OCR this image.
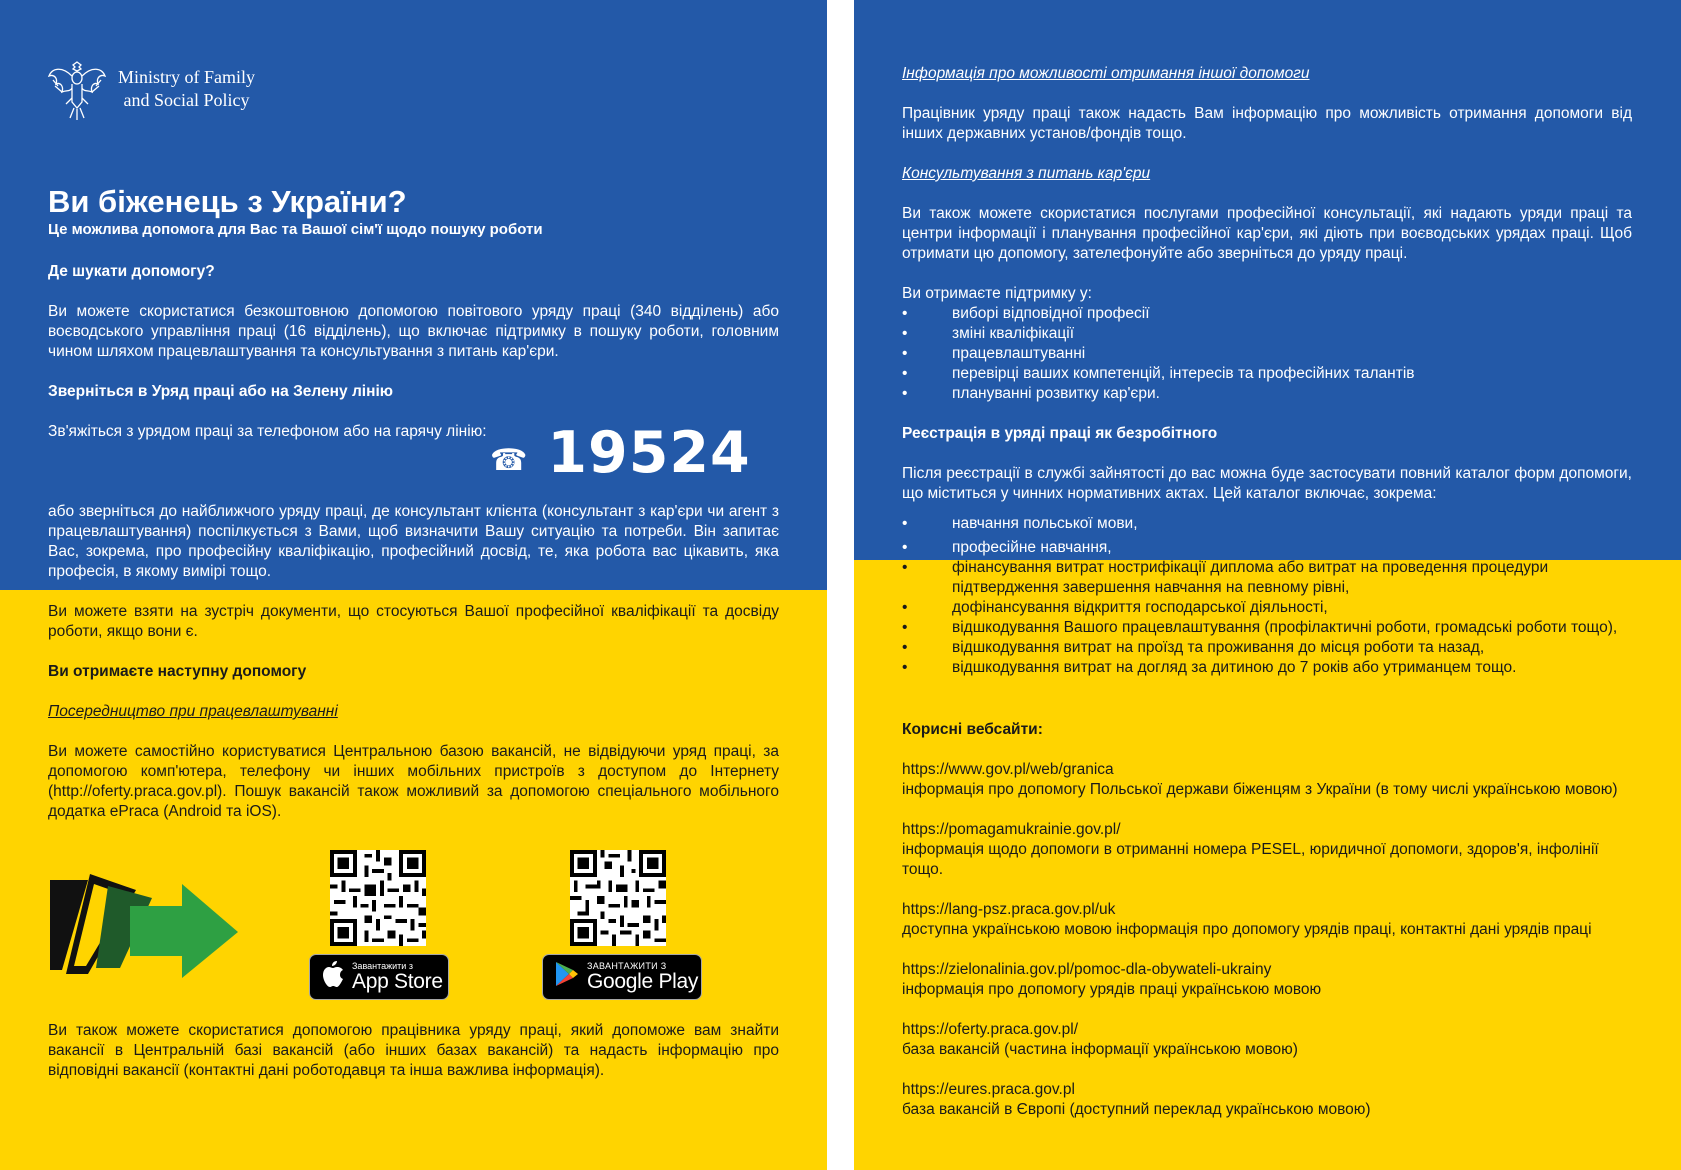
Ministry of Family
and Social Policy
Ви біженець з України?
Це можлива допомога для Вас та Вашої сім'ї щодо пошуку роботи
Де шукати допомогу?
Ви можете скористатися безкоштовною допомогою повітового уряду праці (340 відділень) або воєводського управління праці (16 відділень), що включає підтримку в пошуку роботи, головним чином шляхом працевлаштування та консультування з питань кар'єри.
Зверніться в Уряд праці або на Зелену лінію
Зв'яжіться з урядом праці за телефоном або на гарячу лінію:
☎ 19524
або зверніться до найближчого уряду праці, де консультант клієнта (консультант з кар'єри чи агент з працевлаштування) поспілкується з Вами, щоб визначити Вашу ситуацію та потреби. Він запитає Вас, зокрема, про професійну кваліфікацію, професійний досвід, те, яка робота вас цікавить, яка професія, в якому вимірі тощо.
Ви можете взяти на зустріч документи, що стосуються Вашої професійної кваліфікації та досвіду роботи, якщо вони є.
Ви отримаєте наступну допомогу
Посередництво при працевлаштуванні
Ви можете самостійно користуватися Центральною базою вакансій, не відвідуючи уряд праці, за допомогою комп'ютера, телефону чи інших мобільних пристроїв з доступом до Інтернету (http://oferty.praca.gov.pl). Пошук вакансій також можливий за допомогою спеціального мобільного додатка ePraca (Android та iOS).
Завантажити з
App Store
ЗАВАНТАЖИТИ З
Google Play
Ви також можете скористатися допомогою працівника уряду праці, який допоможе вам знайти вакансії в Центральній базі вакансій (або інших базах вакансій) та надасть інформацію про відповідні вакансії (контактні дані роботодавця та інша важлива інформація).
Інформація про можливості отримання іншої допомоги
Працівник уряду праці також надасть Вам інформацію про можливість отримання допомоги від інших державних установ/фондів тощо.
Консультування з питань кар'єри
Ви також можете скористатися послугами професійної консультації, які надають уряди праці та центри інформації і планування професійної кар'єри, які діють при воєводських урядах праці. Щоб отримати цю допомогу, зателефонуйте або зверніться до уряду праці.
Ви отримаєте підтримку у:
• виборі відповідної професії
• зміні кваліфікації
• працевлаштуванні
• перевірці ваших компетенцій, інтересів та професійних талантів
• плануванні розвитку кар'єри.
Реєстрація в уряді праці як безробітного
Після реєстрації в службі зайнятості до вас можна буде застосувати повний каталог форм допомоги, що міститься у чинних нормативних актах. Цей каталог включає, зокрема:
• навчання польської мови,
• професійне навчання,
• фінансування витрат нострифікації диплома або витрат на проведення процедури підтвердження завершення навчання на певному рівні,
• дофінансування відкриття господарської діяльності,
• відшкодування Вашого працевлаштування (профілактичні роботи, громадські роботи тощо),
• відшкодування витрат на проїзд та проживання до місця роботи та назад,
• відшкодування витрат на догляд за дитиною до 7 років або утриманцем тощо.
Корисні вебсайти:
https://www.gov.pl/web/granica
інформація про допомогу Польської держави біженцям з України (в тому числі українською мовою)
https://pomagamukrainie.gov.pl/
інформація щодо допомоги в отриманні номера PESEL, юридичної допомоги, здоров'я, інфолінії тощо.
https://lang-psz.praca.gov.pl/uk
доступна українською мовою інформація про допомогу урядів праці, контактні дані урядів праці
https://zielonalinia.gov.pl/pomoc-dla-obywateli-ukrainy
інформація про допомогу урядів праці українською мовою
https://oferty.praca.gov.pl/
база вакансій (частина інформації українською мовою)
https://eures.praca.gov.pl
база вакансій в Європі (доступний переклад українською мовою)
